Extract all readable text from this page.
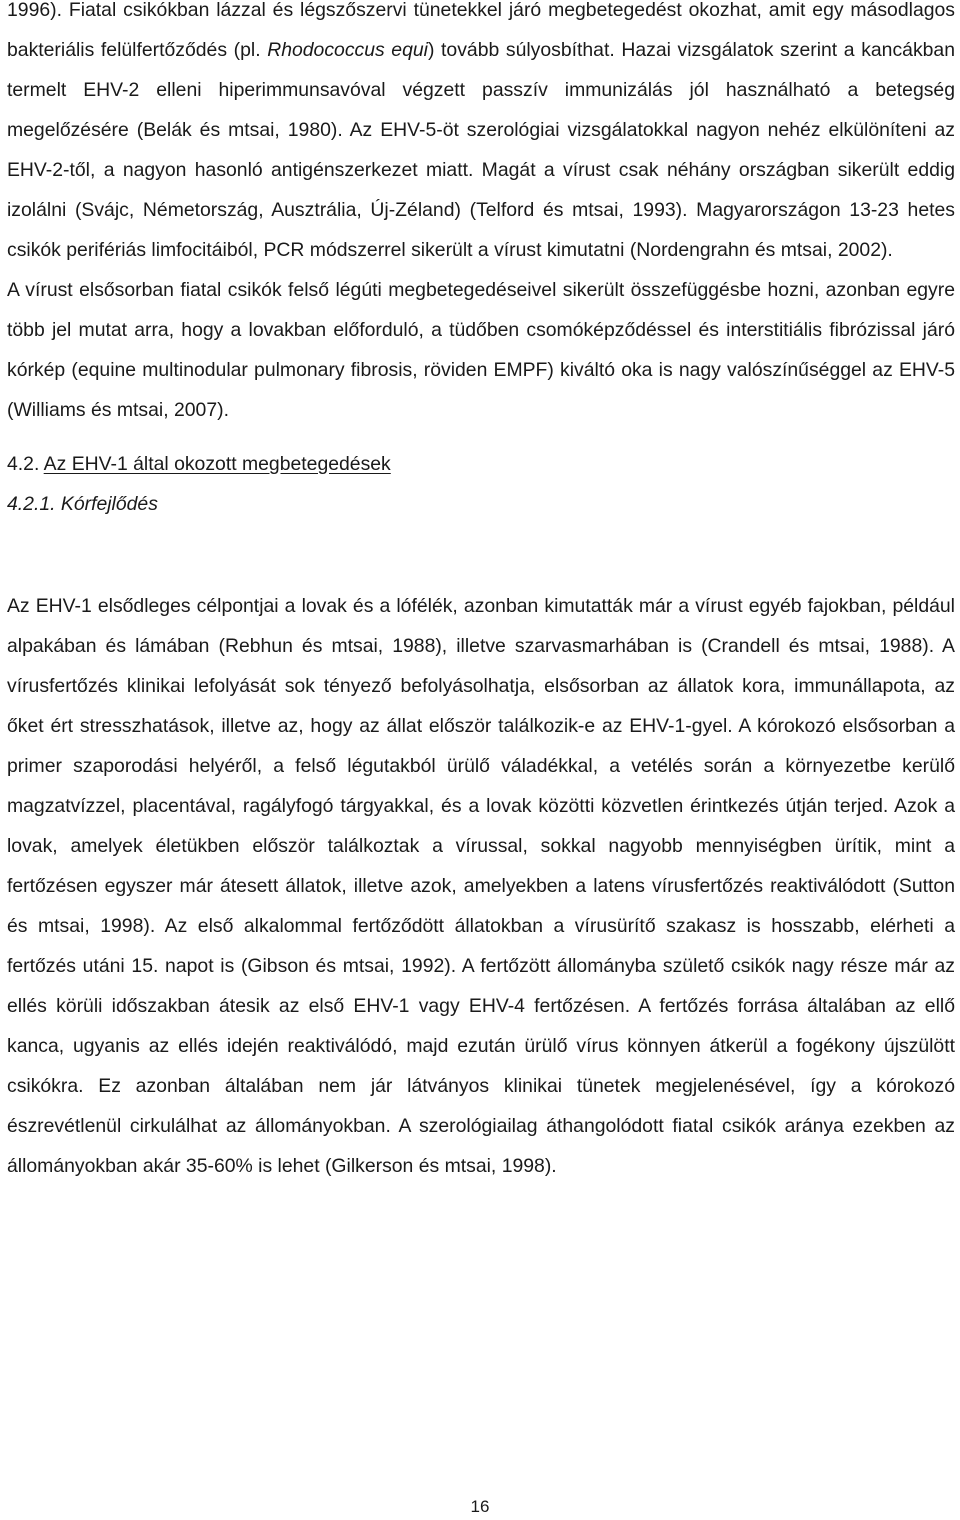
1996). Fiatal csikókban lázzal és légszőszervi tünetekkel járó megbetegedést okozhat, amit egy másodlagos bakteriális felülfertőződés (pl. Rhodococcus equi) tovább súlyosbíthat. Hazai vizsgálatok szerint a kancákban termelt EHV-2 elleni hiperimmunsavóval végzett passzív immunizálás jól használható a betegség megelőzésére (Belák és mtsai, 1980). Az EHV-5-öt szerológiai vizsgálatokkal nagyon nehéz elkülöníteni az EHV-2-től, a nagyon hasonló antigénszerkezet miatt. Magát a vírust csak néhány országban sikerült eddig izolálni (Svájc, Németország, Ausztrália, Új-Zéland) (Telford és mtsai, 1993). Magyarországon 13-23 hetes csikók perifériás limfocitáiból, PCR módszerrel sikerült a vírust kimutatni (Nordengrahn és mtsai, 2002).

A vírust elsősorban fiatal csikók felső légúti megbetegedéseivel sikerült összefüggésbe hozni, azonban egyre több jel mutat arra, hogy a lovakban előforduló, a tüdőben csomóképződéssel és interstitiális fibrózissal járó kórkép (equine multinodular pulmonary fibrosis, röviden EMPF) kiváltó oka is nagy valószínűséggel az EHV-5 (Williams és mtsai, 2007).

4.2. Az EHV-1 által okozott megbetegedések
4.2.1. Kórfejlődés

Az EHV-1 elsődleges célpontjai a lovak és a lófélék, azonban kimutatták már a vírust egyéb fajokban, például alpakában és lámában (Rebhun és mtsai, 1988), illetve szarvasmarhában is (Crandell és mtsai, 1988). A vírusfertőzés klinikai lefolyását sok tényező befolyásolhatja, elsősorban az állatok kora, immunállapota, az őket ért stresszhatások, illetve az, hogy az állat először találkozik-e az EHV-1-gyel. A kórokozó elsősorban a primer szaporodási helyéről, a felső légutakból ürülő váladékkal, a vetélés során a környezetbe kerülő magzatvízzel, placentával, ragályfogó tárgyakkal, és a lovak közötti közvetlen érintkezés útján terjed. Azok a lovak, amelyek életükben először találkoztak a vírussal, sokkal nagyobb mennyiségben ürítik, mint a fertőzésen egyszer már átesett állatok, illetve azok, amelyekben a latens vírusfertőzés reaktiválódott (Sutton és mtsai, 1998). Az első alkalommal fertőződött állatokban a vírusürítő szakasz is hosszabb, elérheti a fertőzés utáni 15. napot is (Gibson és mtsai, 1992). A fertőzött állományba születő csikók nagy része már az ellés körüli időszakban átesik az első EHV-1 vagy EHV-4 fertőzésen. A fertőzés forrása általában az ellő kanca, ugyanis az ellés idején reaktiválódó, majd ezután ürülő vírus könnyen átkerül a fogékony újszülött csikókra. Ez azonban általában nem jár látványos klinikai tünetek megjelenésével, így a kórokozó észrevétlenül cirkulálhat az állományokban. A szerológiailag áthangolódott fiatal csikók aránya ezekben az állományokban akár 35-60% is lehet (Gilkerson és mtsai, 1998).

16
